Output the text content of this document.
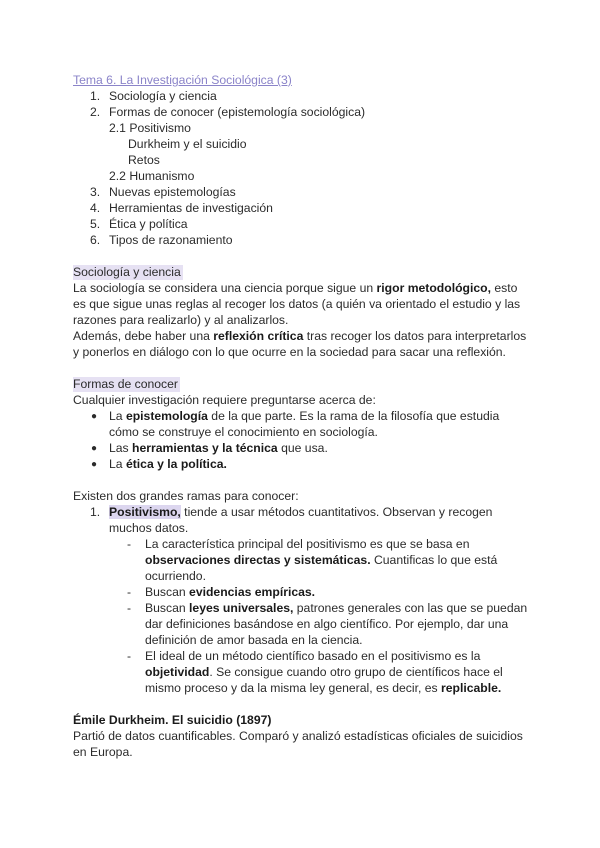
Tema 6. La Investigación Sociológica (3)
1. Sociología y ciencia
2. Formas de conocer (epistemología sociológica)
2.1 Positivismo
Durkheim y el suicidio
Retos
2.2 Humanismo
3. Nuevas epistemologías
4. Herramientas de investigación
5. Ética y política
6. Tipos de razonamiento
Sociología y ciencia
La sociología se considera una ciencia porque sigue un rigor metodológico, esto
es que sigue unas reglas al recoger los datos (a quién va orientado el estudio y las
razones para realizarlo) y al analizarlos.
Además, debe haber una reflexión crítica tras recoger los datos para interpretarlos
y ponerlos en diálogo con lo que ocurre en la sociedad para sacar una reflexión.
Formas de conocer
Cualquier investigación requiere preguntarse acerca de:
● La epistemología de la que parte. Es la rama de la filosofía que estudia
cómo se construye el conocimiento en sociología.
● Las herramientas y la técnica que usa.
● La ética y la política.
Existen dos grandes ramas para conocer:
1. Positivismo, tiende a usar métodos cuantitativos. Observan y recogen
muchos datos.
- La característica principal del positivismo es que se basa en
observaciones directas y sistemáticas. Cuantificas lo que está
ocurriendo.
- Buscan evidencias empíricas.
- Buscan leyes universales, patrones generales con las que se puedan
dar definiciones basándose en algo científico. Por ejemplo, dar una
definición de amor basada en la ciencia.
- El ideal de un método científico basado en el positivismo es la
objetividad. Se consigue cuando otro grupo de científicos hace el
mismo proceso y da la misma ley general, es decir, es replicable.
Émile Durkheim. El suicidio (1897)
Partió de datos cuantificables. Comparó y analizó estadísticas oficiales de suicidios
en Europa.
